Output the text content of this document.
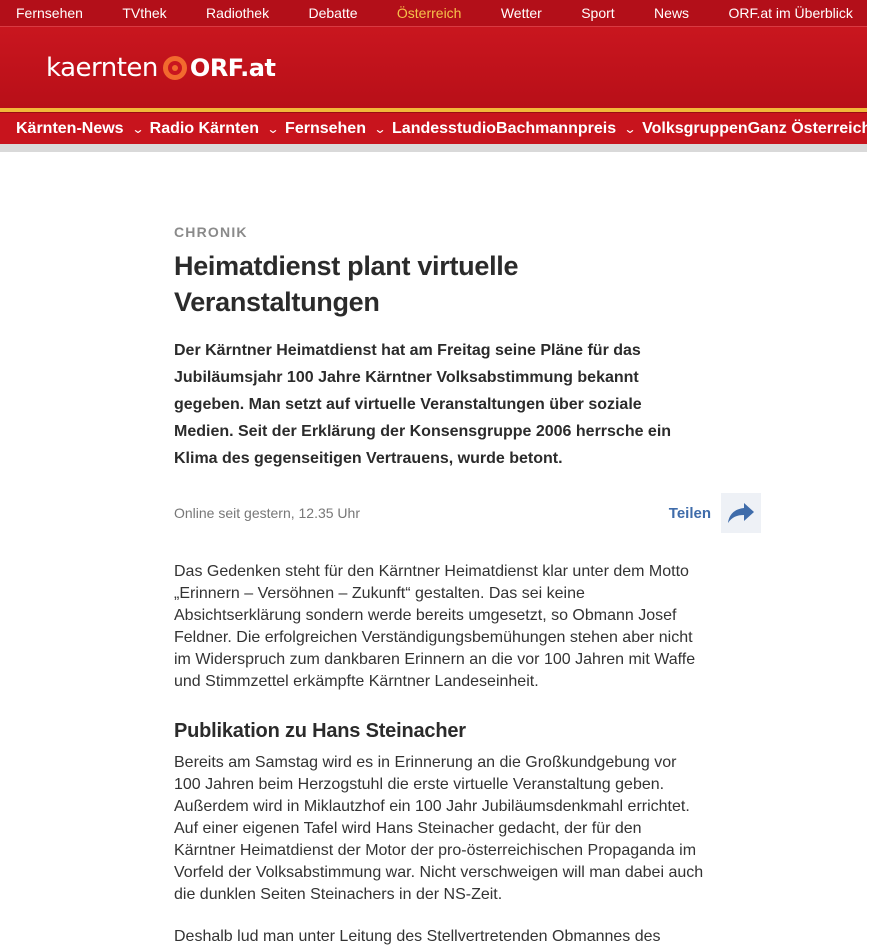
Fernsehen	TVthek	Radiothek	Debatte	Österreich	Wetter	Sport	News	ORF.at im Überblick
kaernten ORF.at
Kärnten-News ⌄ Radio Kärnten ⌄ Fernsehen ⌄ Landesstudio Bachmannpreis ⌄ Volksgruppen Ganz Österreich
CHRONIK
Heimatdienst plant virtuelle Veranstaltungen

Der Kärntner Heimatdienst hat am Freitag seine Pläne für das Jubiläumsjahr 100 Jahre Kärntner Volksabstimmung bekannt gegeben. Man setzt auf virtuelle Veranstaltungen über soziale Medien. Seit der Erklärung der Konsensgruppe 2006 herrsche ein Klima des gegenseitigen Vertrauens, wurde betont.

Online seit gestern, 12.35 Uhr	Teilen

Das Gedenken steht für den Kärntner Heimatdienst klar unter dem Motto „Erinnern – Versöhnen – Zukunft“ gestalten. Das sei keine Absichtserklärung sondern werde bereits umgesetzt, so Obmann Josef Feldner. Die erfolgreichen Verständigungsbemühungen stehen aber nicht im Widerspruch zum dankbaren Erinnern an die vor 100 Jahren mit Waffe und Stimmzettel erkämpfte Kärntner Landeseinheit.

Publikation zu Hans Steinacher

Bereits am Samstag wird es in Erinnerung an die Großkundgebung vor 100 Jahren beim Herzogstuhl die erste virtuelle Veranstaltung geben. Außerdem wird in Miklautzhof ein 100 Jahr Jubiläumsdenkmahl errichtet. Auf einer eigenen Tafel wird Hans Steinacher gedacht, der für den Kärntner Heimatdienst der Motor der pro-österreichischen Propaganda im Vorfeld der Volksabstimmung war. Nicht verschweigen will man dabei auch die dunklen Seiten Steinachers in der NS-Zeit.

Deshalb lud man unter Leitung des Stellvertretenden Obmannes des
